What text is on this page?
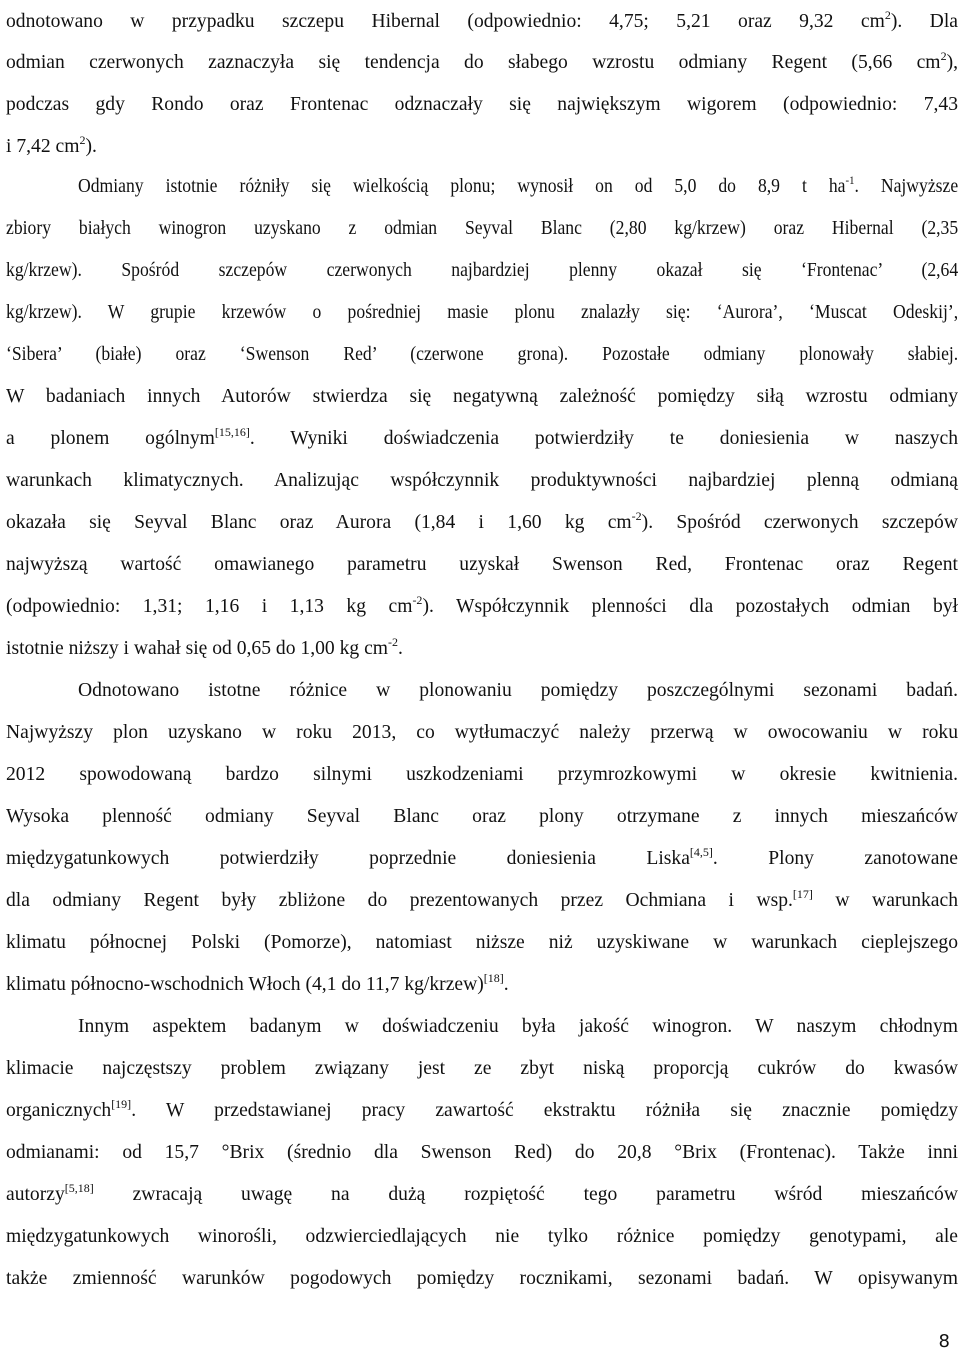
odnotowano w przypadku szczepu Hibernal (odpowiednio: 4,75; 5,21 oraz 9,32 $cm^2$). Dla
odmian czerwonych zaznaczyła się tendencja do słabego wzrostu odmiany Regent (5,66 $cm^2$),
podczas gdy Rondo oraz Frontenac odznaczały się największym wigorem (odpowiednio: 7,43
i 7,42 $cm^2$).
Odmiany istotnie różniły się wielkością plonu; wynosił on od 5,0 do 8,9 t $ha^{-1}$. Najwyższe
zbiory białych winogron uzyskano z odmian Seyval Blanc (2,80 kg/krzew) oraz Hibernal (2,35
kg/krzew). Spośród szczepów czerwonych najbardziej plenny okazał się ‘Frontenac’ (2,64
kg/krzew). W grupie krzewów o pośredniej masie plonu znalazły się: ‘Aurora’, ‘Muscat Odeskij’,
‘Sibera’ (białe) oraz ‘Swenson Red’ (czerwone grona). Pozostałe odmiany plonowały słabiej.
W badaniach innych Autorów stwierdza się negatywną zależność pomiędzy siłą wzrostu odmiany
a plonem ogólnym[15,16]. Wyniki doświadczenia potwierdziły te doniesienia w naszych
warunkach klimatycznych. Analizując współczynnik produktywności najbardziej plenną odmianą
okazała się Seyval Blanc oraz Aurora (1,84 i 1,60 kg $cm^{-2}$). Spośród czerwonych szczepów
najwyższą wartość omawianego parametru uzyskał Swenson Red, Frontenac oraz Regent
(odpowiednio: 1,31; 1,16 i 1,13 kg $cm^{-2}$). Współczynnik plenności dla pozostałych odmian był
istotnie niższy i wahał się od 0,65 do 1,00 kg $cm^{-2}$.
Odnotowano istotne różnice w plonowaniu pomiędzy poszczególnymi sezonami badań.
Najwyższy plon uzyskano w roku 2013, co wytłumaczyć należy przerwą w owocowaniu w roku
2012 spowodowaną bardzo silnymi uszkodzeniami przymrozkowymi w okresie kwitnienia.
Wysoka plenność odmiany Seyval Blanc oraz plony otrzymane z innych mieszańców
międzygatunkowych potwierdziły poprzednie doniesienia Liska[4,5]. Plony zanotowane
dla odmiany Regent były zbliżone do prezentowanych przez Ochmiana i wsp.[17] w warunkach
klimatu północnej Polski (Pomorze), natomiast niższe niż uzyskiwane w warunkach cieplejszego
klimatu północno-wschodnich Włoch (4,1 do 11,7 kg/krzew)[18].
Innym aspektem badanym w doświadczeniu była jakość winogron. W naszym chłodnym
klimacie najczęstszy problem związany jest ze zbyt niską proporcją cukrów do kwasów
organicznych[19]. W przedstawianej pracy zawartość ekstraktu różniła się znacznie pomiędzy
odmianami: od 15,7 °Brix (średnio dla Swenson Red) do 20,8 °Brix (Frontenac). Także inni
autorzy[5,18] zwracają uwagę na dużą rozpiętość tego parametru wśród mieszańców
międzygatunkowych winorośli, odzwierciedlających nie tylko różnice pomiędzy genotypami, ale
także zmienność warunków pogodowych pomiędzy rocznikami, sezonami badań. W opisywanym
8
